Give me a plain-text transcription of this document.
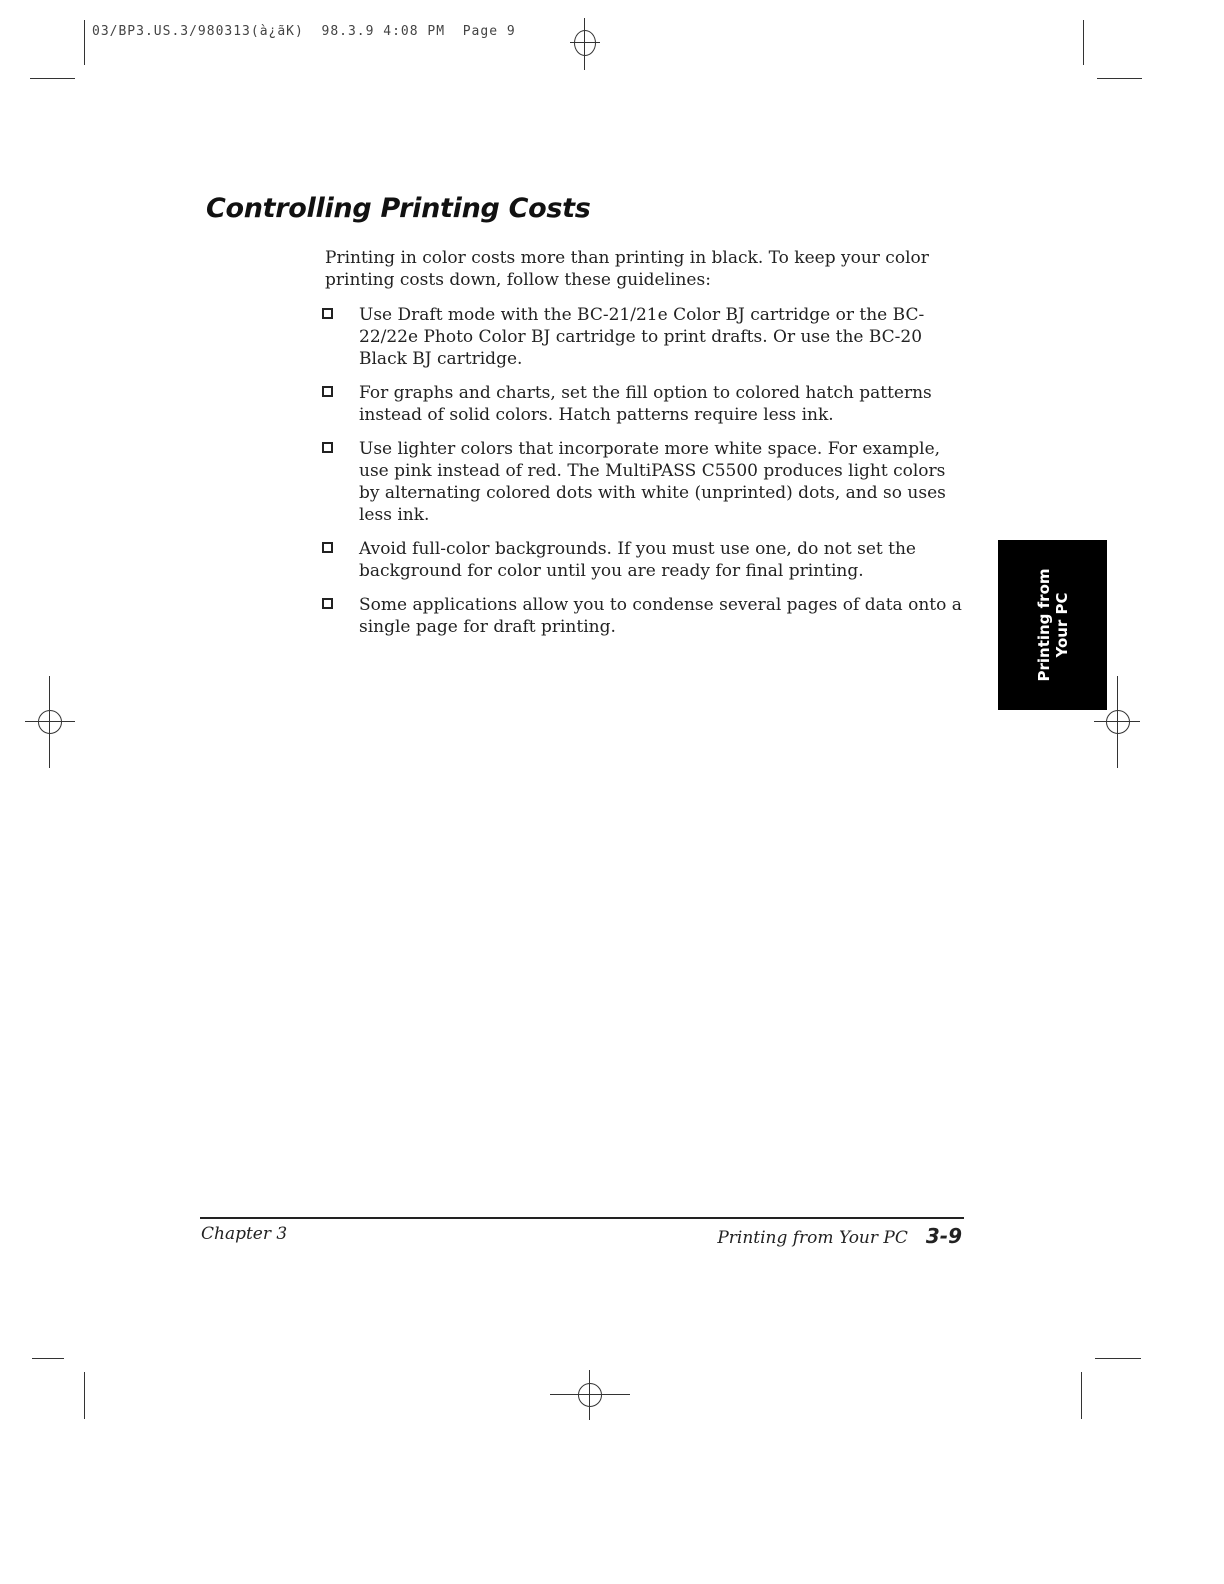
03/BP3.US.3/980313(à¿ãK)  98.3.9 4:08 PM  Page 9
Controlling Printing Costs

Printing in color costs more than printing in black. To keep your color printing costs down, follow these guidelines:

Use Draft mode with the BC-21/21e Color BJ cartridge or the BC-22/22e Photo Color BJ cartridge to print drafts. Or use the BC-20 Black BJ cartridge.
For graphs and charts, set the fill option to colored hatch patterns instead of solid colors. Hatch patterns require less ink.
Use lighter colors that incorporate more white space. For example, use pink instead of red. The MultiPASS C5500 produces light colors by alternating colored dots with white (unprinted) dots, and so uses less ink.
Avoid full-color backgrounds. If you must use one, do not set the background for color until you are ready for final printing.
Some applications allow you to condense several pages of data onto a single page for draft printing.	Printing from Your PC
Chapter 3	Printing from Your PC 3-9
